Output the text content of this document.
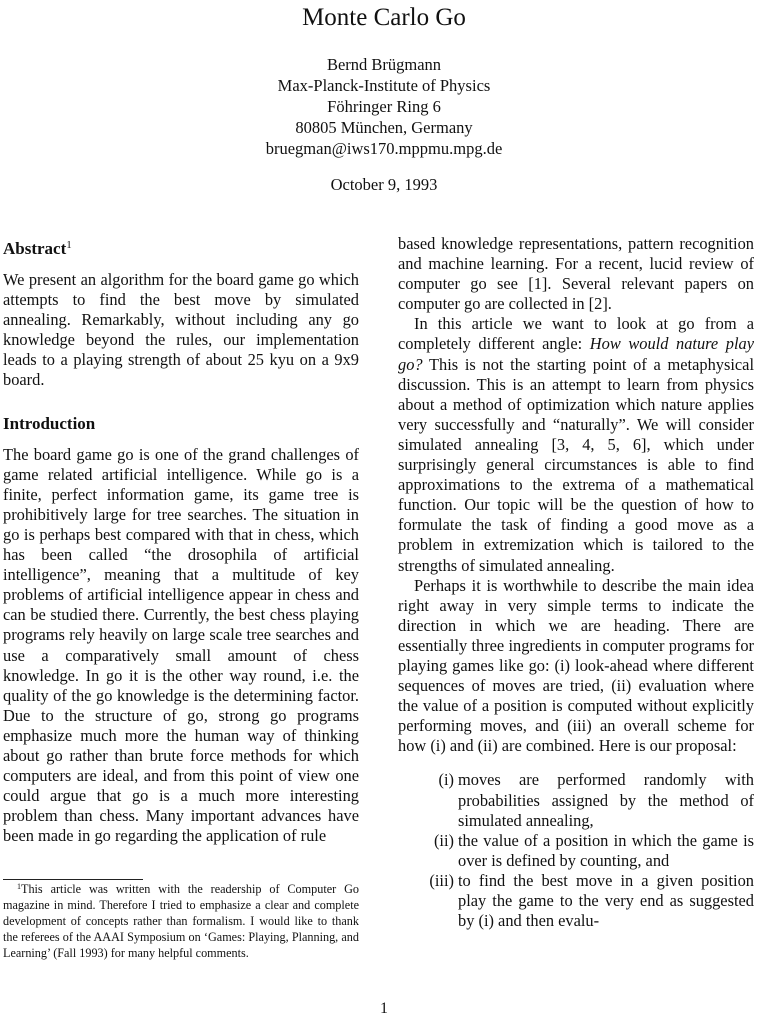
Monte Carlo Go
Bernd Brügmann
Max-Planck-Institute of Physics
Föhringer Ring 6
80805 München, Germany
bruegman@iws170.mppmu.mpg.de
October 9, 1993
Abstract$^1$

We present an algorithm for the board game go which attempts to find the best move by simulated annealing. Remarkably, without including any go knowledge beyond the rules, our implementation leads to a playing strength of about 25 kyu on a 9x9 board.

Introduction

The board game go is one of the grand challenges of game related artificial intelligence. While go is a finite, perfect information game, its game tree is prohibitively large for tree searches. The situation in go is perhaps best compared with that in chess, which has been called “the drosophila of artificial intelligence”, meaning that a multitude of key problems of artificial intelligence appear in chess and can be studied there. Currently, the best chess playing programs rely heavily on large scale tree searches and use a comparatively small amount of chess knowledge. In go it is the other way round, i.e. the quality of the go knowledge is the determining factor. Due to the structure of go, strong go programs emphasize much more the human way of thinking about go rather than brute force methods for which computers are ideal, and from this point of view one could argue that go is a much more interesting problem than chess. Many important advances have been made in go regarding the application of rule

based knowledge representations, pattern recognition and machine learning. For a recent, lucid review of computer go see [1]. Several relevant papers on computer go are collected in [2].

In this article we want to look at go from a completely different angle: How would nature play go? This is not the starting point of a metaphysical discussion. This is an attempt to learn from physics about a method of optimization which nature applies very successfully and “naturally”. We will consider simulated annealing [3, 4, 5, 6], which under surprisingly general circumstances is able to find approximations to the extrema of a mathematical function. Our topic will be the question of how to formulate the task of finding a good move as a problem in extremization which is tailored to the strengths of simulated annealing.

Perhaps it is worthwhile to describe the main idea right away in very simple terms to indicate the direction in which we are heading. There are essentially three ingredients in computer programs for playing games like go: (i) look-ahead where different sequences of moves are tried, (ii) evaluation where the value of a position is computed without explicitly performing moves, and (iii) an overall scheme for how (i) and (ii) are combined. Here is our proposal:

(i) moves are performed randomly with probabilities assigned by the method of simulated annealing,
(ii) the value of a position in which the game is over is defined by counting, and
(iii) to find the best move in a given position play the game to the very end as suggested by (i) and then evalu-

$^1$This article was written with the readership of Computer Go magazine in mind. Therefore I tried to emphasize a clear and complete development of concepts rather than formalism. I would like to thank the referees of the AAAI Symposium on ‘Games: Playing, Planning, and Learning’ (Fall 1993) for many helpful comments.

1
